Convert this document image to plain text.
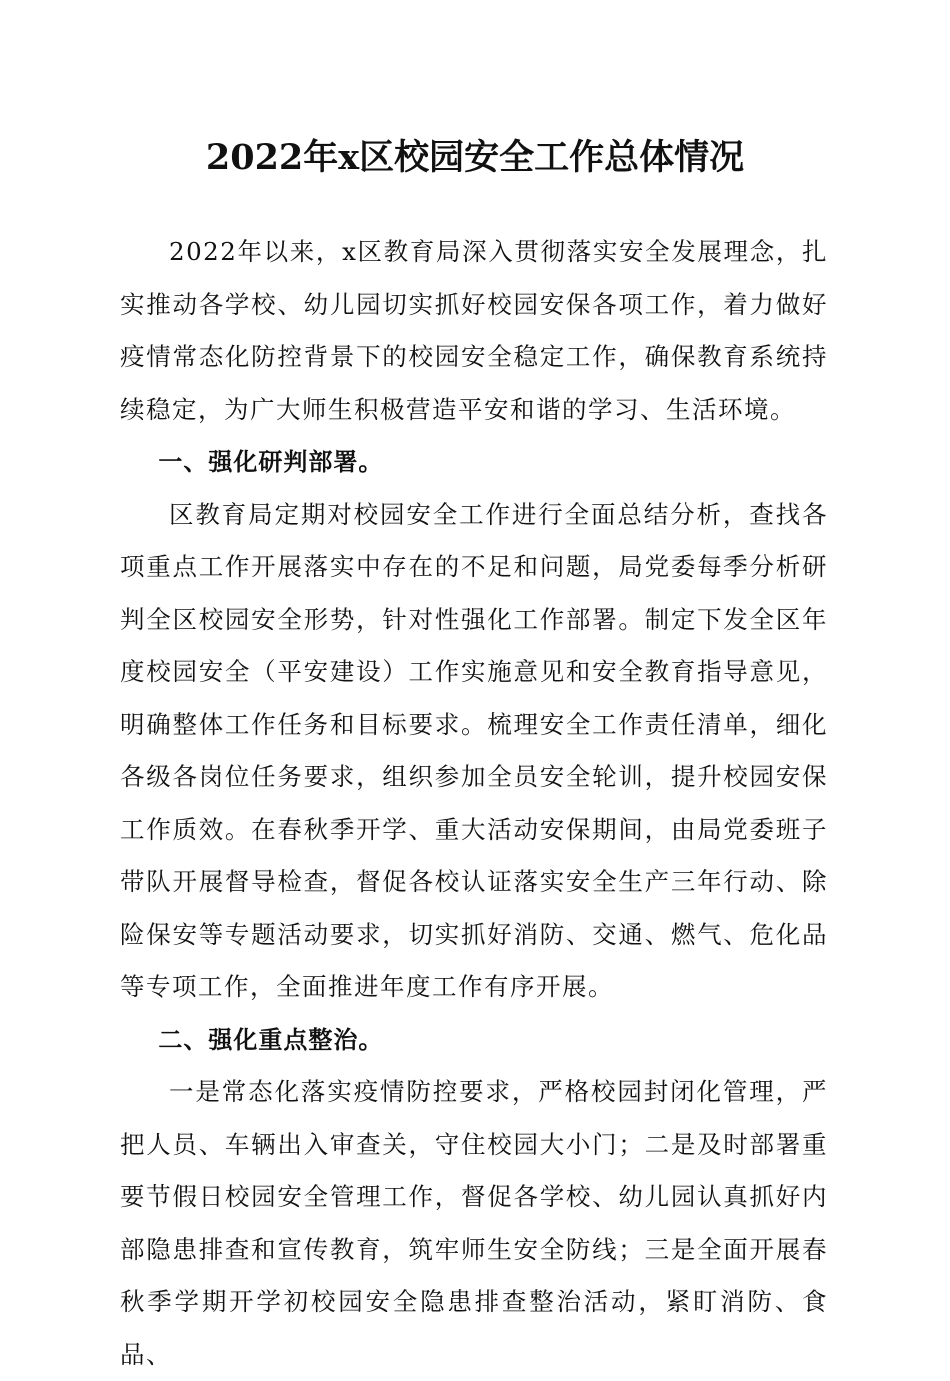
2022年x区校园安全工作总体情况

2022年以来，x区教育局深入贯彻落实安全发展理念，扎实推动各学校、幼儿园切实抓好校园安保各项工作，着力做好疫情常态化防控背景下的校园安全稳定工作，确保教育系统持续稳定，为广大师生积极营造平安和谐的学习、生活环境。

一、强化研判部署。

区教育局定期对校园安全工作进行全面总结分析，查找各项重点工作开展落实中存在的不足和问题，局党委每季分析研判全区校园安全形势，针对性强化工作部署。制定下发全区年度校园安全（平安建设）工作实施意见和安全教育指导意见，明确整体工作任务和目标要求。梳理安全工作责任清单，细化各级各岗位任务要求，组织参加全员安全轮训，提升校园安保工作质效。在春秋季开学、重大活动安保期间，由局党委班子带队开展督导检查，督促各校认证落实安全生产三年行动、除险保安等专题活动要求，切实抓好消防、交通、燃气、危化品等专项工作，全面推进年度工作有序开展。

二、强化重点整治。

一是常态化落实疫情防控要求，严格校园封闭化管理，严把人员、车辆出入审查关，守住校园大小门；二是及时部署重要节假日校园安全管理工作，督促各学校、幼儿园认真抓好内部隐患排查和宣传教育，筑牢师生安全防线；三是全面开展春秋季学期开学初校园安全隐患排查整治活动，紧盯消防、食品、
